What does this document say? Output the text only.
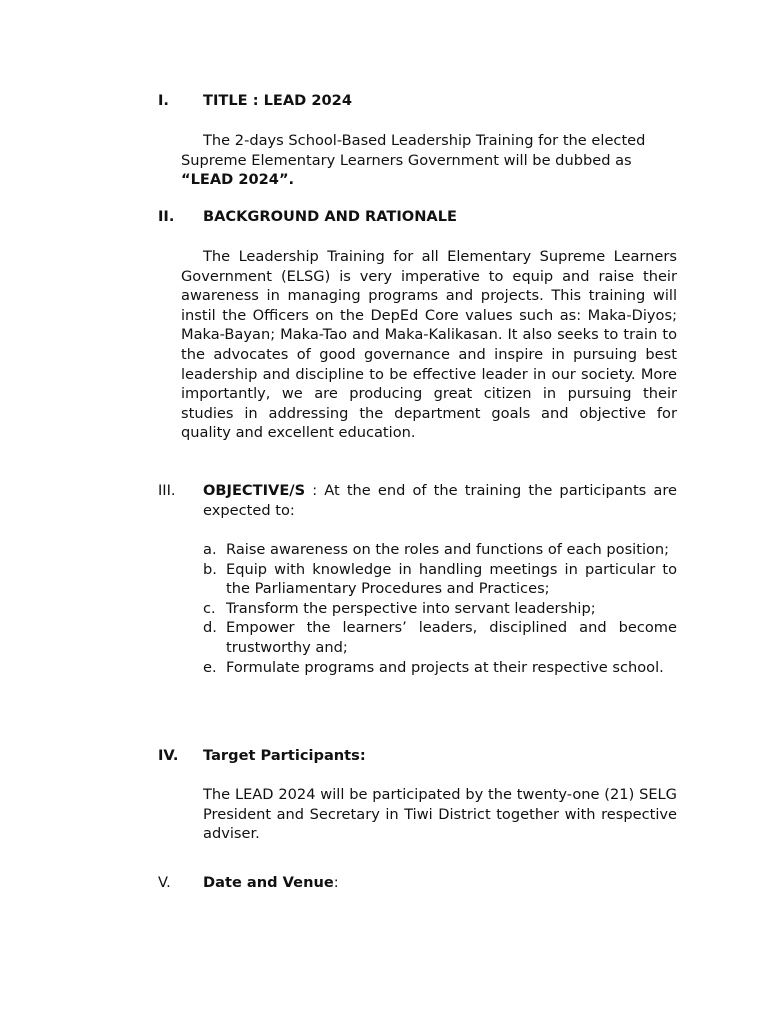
I. TITLE : LEAD 2024
The 2-days School-Based Leadership Training for the elected Supreme Elementary Learners Government will be dubbed as “LEAD 2024”.
II. BACKGROUND AND RATIONALE
The Leadership Training for all Elementary Supreme Learners Government (ELSG) is very imperative to equip and raise their awareness in managing programs and projects. This training will instil the Officers on the DepEd Core values such as: Maka-Diyos; Maka-Bayan; Maka-Tao and Maka-Kalikasan. It also seeks to train to the advocates of good governance and inspire in pursuing best leadership and discipline to be effective leader in our society. More importantly, we are producing great citizen in pursuing their studies in addressing the department goals and objective for quality and excellent education.
III. OBJECTIVE/S : At the end of the training the participants are expected to:
a. Raise awareness on the roles and functions of each position;
b. Equip with knowledge in handling meetings in particular to the Parliamentary Procedures and Practices;
c. Transform the perspective into servant leadership;
d. Empower the learners’ leaders, disciplined and become trustworthy and;
e. Formulate programs and projects at their respective school.
IV. Target Participants:
The LEAD 2024 will be participated by the twenty-one (21) SELG President and Secretary in Tiwi District together with respective adviser.
V. Date and Venue:
